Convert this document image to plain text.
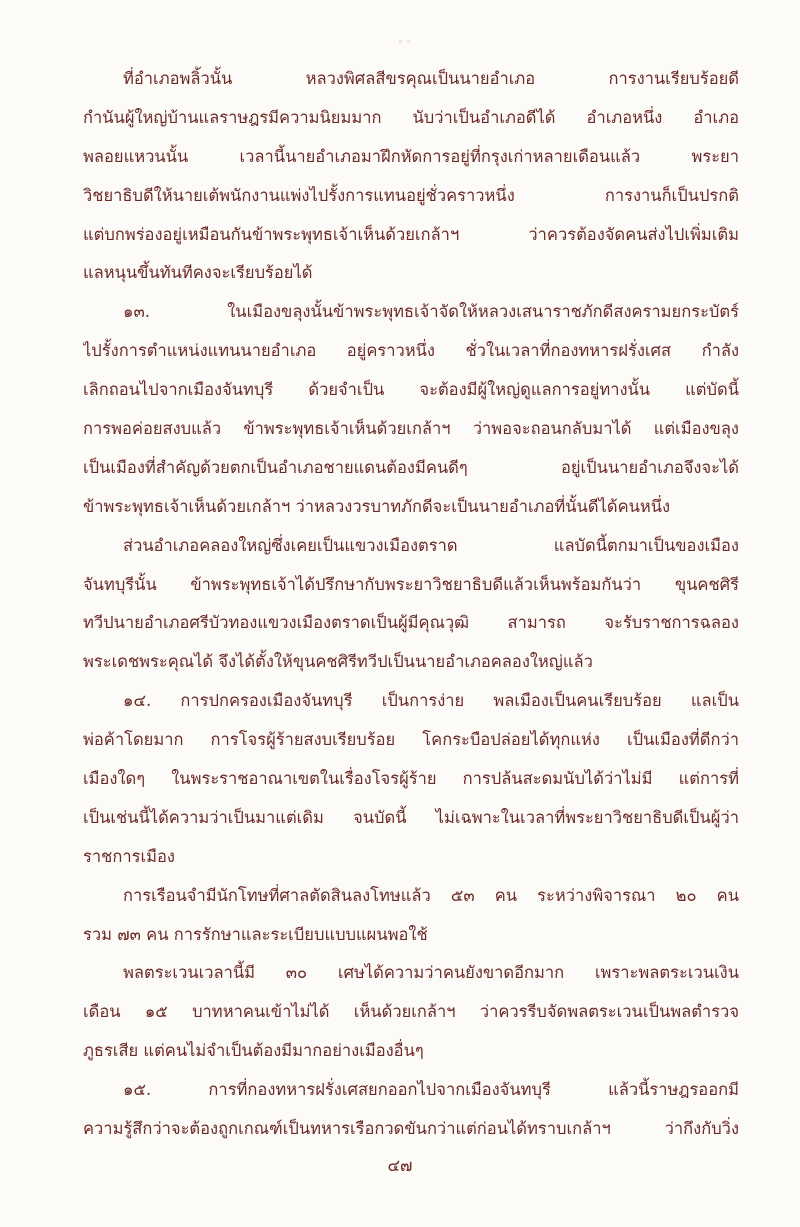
◦ ◦
ที่อำเภอพลิ้วนั้น หลวงพิศลสีขรคุณเป็นนายอำเภอ การงานเรียบร้อยดี
กำนันผู้ใหญ่บ้านแลราษฎรมีความนิยมมาก นับว่าเป็นอำเภอดีได้ อำเภอหนึ่ง อำเภอ
พลอยแหวนนั้น เวลานี้นายอำเภอมาฝึกหัดการอยู่ที่กรุงเก่าหลายเดือนแล้ว พระยา
วิชยาธิบดีให้นายเต้พนักงานแพ่งไปรั้งการแทนอยู่ชั่วคราวหนึ่ง การงานก็เป็นปรกติ
แต่บกพร่องอยู่เหมือนกันข้าพระพุทธเจ้าเห็นด้วยเกล้าฯ ว่าควรต้องจัดคนส่งไปเพิ่มเติม
แลหนุนขึ้นทันทีคงจะเรียบร้อยได้
๑๓. ในเมืองขลุงนั้นข้าพระพุทธเจ้าจัดให้หลวงเสนาราชภักดีสงครามยกระบัตร์
ไปรั้งการตำแหน่งแทนนายอำเภอ อยู่คราวหนึ่ง ชั่วในเวลาที่กองทหารฝรั่งเศส กำลัง
เลิกถอนไปจากเมืองจันทบุรี ด้วยจำเป็น จะต้องมีผู้ใหญ่ดูแลการอยู่ทางนั้น แต่บัดนี้
การพอค่อยสงบแล้ว ข้าพระพุทธเจ้าเห็นด้วยเกล้าฯ ว่าพอจะถอนกลับมาได้ แต่เมืองขลุง
เป็นเมืองที่สำคัญด้วยตกเป็นอำเภอชายแดนต้องมีคนดีๆ อยู่เป็นนายอำเภอจึงจะได้
ข้าพระพุทธเจ้าเห็นด้วยเกล้าฯ ว่าหลวงวรบาทภักดีจะเป็นนายอำเภอที่นั้นดีได้คนหนึ่ง
ส่วนอำเภอคลองใหญ่ซึ่งเคยเป็นแขวงเมืองตราด แลบัดนี้ตกมาเป็นของเมือง
จันทบุรีนั้น ข้าพระพุทธเจ้าได้ปรึกษากับพระยาวิชยาธิบดีแล้วเห็นพร้อมกันว่า ขุนคชศิรี
ทวีปนายอำเภอศรีบัวทองแขวงเมืองตราดเป็นผู้มีคุณวุฒิ สามารถ จะรับราชการฉลอง
พระเดชพระคุณได้ จึงได้ตั้งให้ขุนคชศิรีทวีปเป็นนายอำเภอคลองใหญ่แล้ว
๑๔. การปกครองเมืองจันทบุรี เป็นการง่าย พลเมืองเป็นคนเรียบร้อย แลเป็น
พ่อค้าโดยมาก การโจรผู้ร้ายสงบเรียบร้อย โคกระบือปล่อยได้ทุกแห่ง เป็นเมืองที่ดีกว่า
เมืองใดๆ ในพระราชอาณาเขตในเรื่องโจรผู้ร้าย การปล้นสะดมนับได้ว่าไม่มี แต่การที่
เป็นเช่นนี้ได้ความว่าเป็นมาแต่เดิม จนบัดนี้ ไม่เฉพาะในเวลาที่พระยาวิชยาธิบดีเป็นผู้ว่า
ราชการเมือง
การเรือนจำมีนักโทษที่ศาลตัดสินลงโทษแล้ว ๕๓ คน ระหว่างพิจารณา ๒๐ คน
รวม ๗๓ คน การรักษาและระเบียบแบบแผนพอใช้
พลตระเวนเวลานี้มี ๓๐ เศษได้ความว่าคนยังขาดอีกมาก เพราะพลตระเวนเงิน
เดือน ๑๕ บาทหาคนเข้าไม่ได้ เห็นด้วยเกล้าฯ ว่าควรรีบจัดพลตระเวนเป็นพลตำรวจ
ภูธรเสีย แต่คนไม่จำเป็นต้องมีมากอย่างเมืองอื่นๆ
๑๕. การที่กองทหารฝรั่งเศสยกออกไปจากเมืองจันทบุรี แล้วนี้ราษฎรออกมี
ความรู้สึกว่าจะต้องถูกเกณฑ์เป็นทหารเรือกวดขันกว่าแต่ก่อนได้ทราบเกล้าฯ ว่ากึงกับวิ่ง
๔๗
